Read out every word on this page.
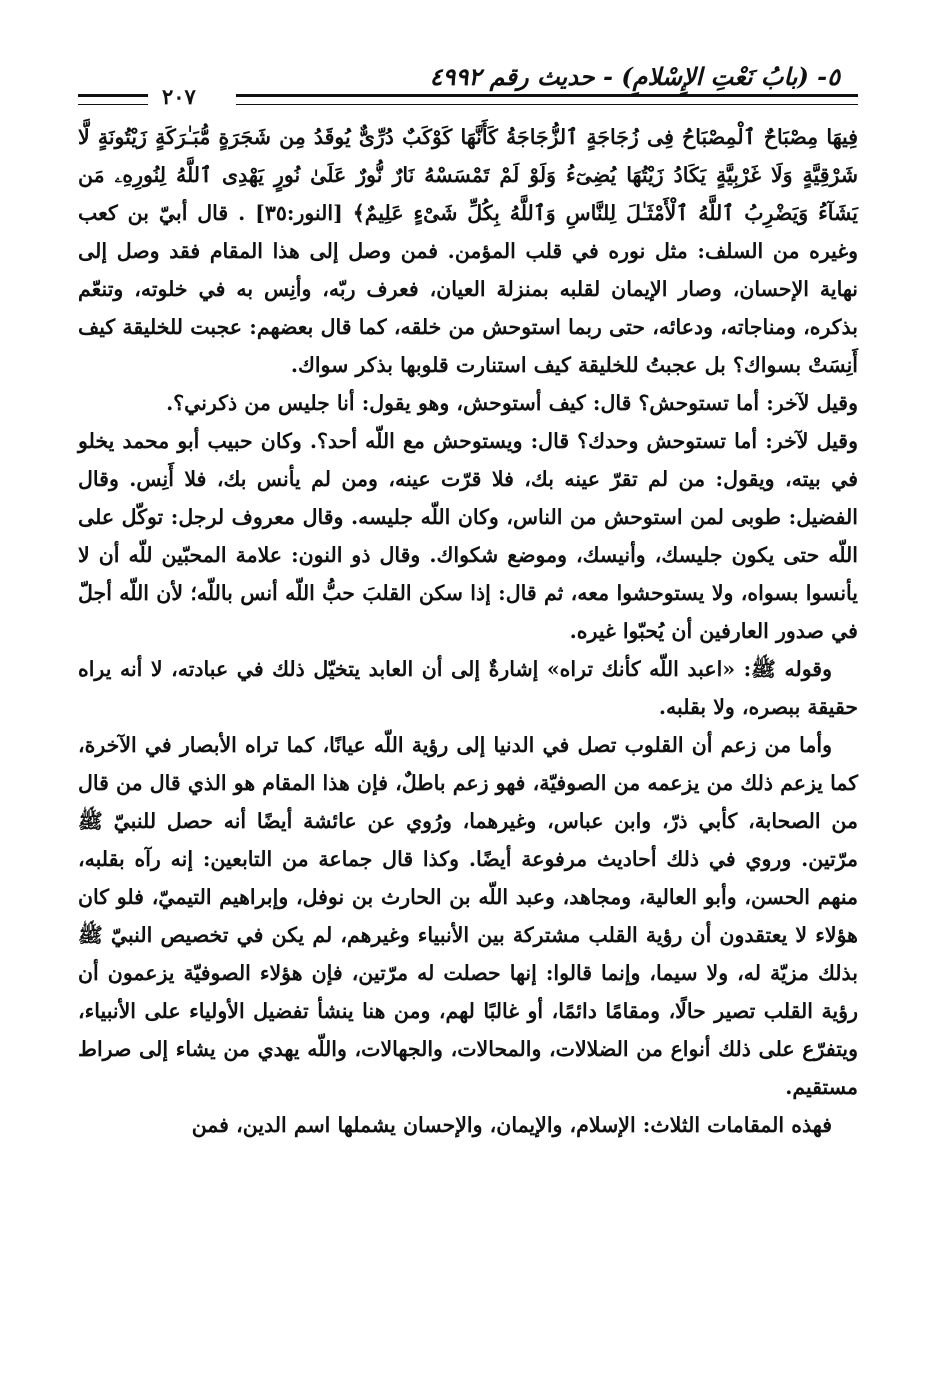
٥- (بابُ نَعْتِ الإِسْلامِ) - حديث رقم ٤٩٩٢
٢٠٧

فِيهَا مِصْبَاحٌ ٱلْمِصْبَاحُ فِى زُجَاجَةٍ ٱلزُّجَاجَةُ كَأَنَّهَا كَوْكَبٌ دُرِّىٌّ يُوقَدُ مِن شَجَرَةٍ مُّبَـٰرَكَةٍ زَيْتُونَةٍ لَّا شَرْقِيَّةٍ وَلَا غَرْبِيَّةٍ يَكَادُ زَيْتُهَا يُضِىٓءُ وَلَوْ لَمْ تَمْسَسْهُ نَارٌ نُّورٌ عَلَىٰ نُورٍ يَهْدِى ٱللَّهُ لِنُورِهِۦ مَن يَشَآءُ وَيَضْرِبُ ٱللَّهُ ٱلْأَمْثَـٰلَ لِلنَّاسِ وَٱللَّهُ بِكُلِّ شَىْءٍ عَلِيمٌ﴾ [النور:٣٥] . قال أبيّ بن كعب وغيره من السلف: مثل نوره في قلب المؤمن. فمن وصل إلى هذا المقام فقد وصل إلى نهاية الإحسان، وصار الإيمان لقلبه بمنزلة العيان، فعرف ربّه، وأنِس به في خلوته، وتنعّم بذكره، ومناجاته، ودعائه، حتى ربما استوحش من خلقه، كما قال بعضهم: عجبت للخليقة كيف أَنِسَتْ بسواك؟ بل عجبتُ للخليقة كيف استنارت قلوبها بذكر سواك.

وقيل لآخر: أما تستوحش؟ قال: كيف أستوحش، وهو يقول: أنا جليس من ذكرني؟.

وقيل لآخر: أما تستوحش وحدك؟ قال: ويستوحش مع اللّه أحد؟. وكان حبيب أبو محمد يخلو في بيته، ويقول: من لم تقرّ عينه بك، فلا قرّت عينه، ومن لم يأنس بك، فلا أَنِس. وقال الفضيل: طوبى لمن استوحش من الناس، وكان اللّه جليسه. وقال معروف لرجل: توكّل على اللّه حتى يكون جليسك، وأنيسك، وموضع شكواك. وقال ذو النون: علامة المحبّين للّه أن لا يأنسوا بسواه، ولا يستوحشوا معه، ثم قال: إذا سكن القلبَ حبُّ اللّه أنس باللّه؛ لأن اللّه أجلّ في صدور العارفين أن يُحبّوا غيره.

وقوله ﷺ: «اعبد اللّه كأنك تراه» إشارةٌ إلى أن العابد يتخيّل ذلك في عبادته، لا أنه يراه حقيقة ببصره، ولا بقلبه.

وأما من زعم أن القلوب تصل في الدنيا إلى رؤية اللّه عيانًا، كما تراه الأبصار في الآخرة، كما يزعم ذلك من يزعمه من الصوفيّة، فهو زعم باطلٌ، فإن هذا المقام هو الذي قال من قال من الصحابة، كأبي ذرّ، وابن عباس، وغيرهما، ورُوي عن عائشة أيضًا أنه حصل للنبيّ ﷺ مرّتين. وروي في ذلك أحاديث مرفوعة أيضًا. وكذا قال جماعة من التابعين: إنه رآه بقلبه، منهم الحسن، وأبو العالية، ومجاهد، وعبد اللّه بن الحارث بن نوفل، وإبراهيم التيميّ، فلو كان هؤلاء لا يعتقدون أن رؤية القلب مشتركة بين الأنبياء وغيرهم، لم يكن في تخصيص النبيّ ﷺ بذلك مزيّة له، ولا سيما، وإنما قالوا: إنها حصلت له مرّتين، فإن هؤلاء الصوفيّة يزعمون أن رؤية القلب تصير حالًا، ومقامًا دائمًا، أو غالبًا لهم، ومن هنا ينشأ تفضيل الأولياء على الأنبياء، ويتفرّع على ذلك أنواع من الضلالات، والمحالات، والجهالات، واللّه يهدي من يشاء إلى صراط مستقيم.

فهذه المقامات الثلاث: الإسلام، والإيمان، والإحسان يشملها اسم الدين، فمن
